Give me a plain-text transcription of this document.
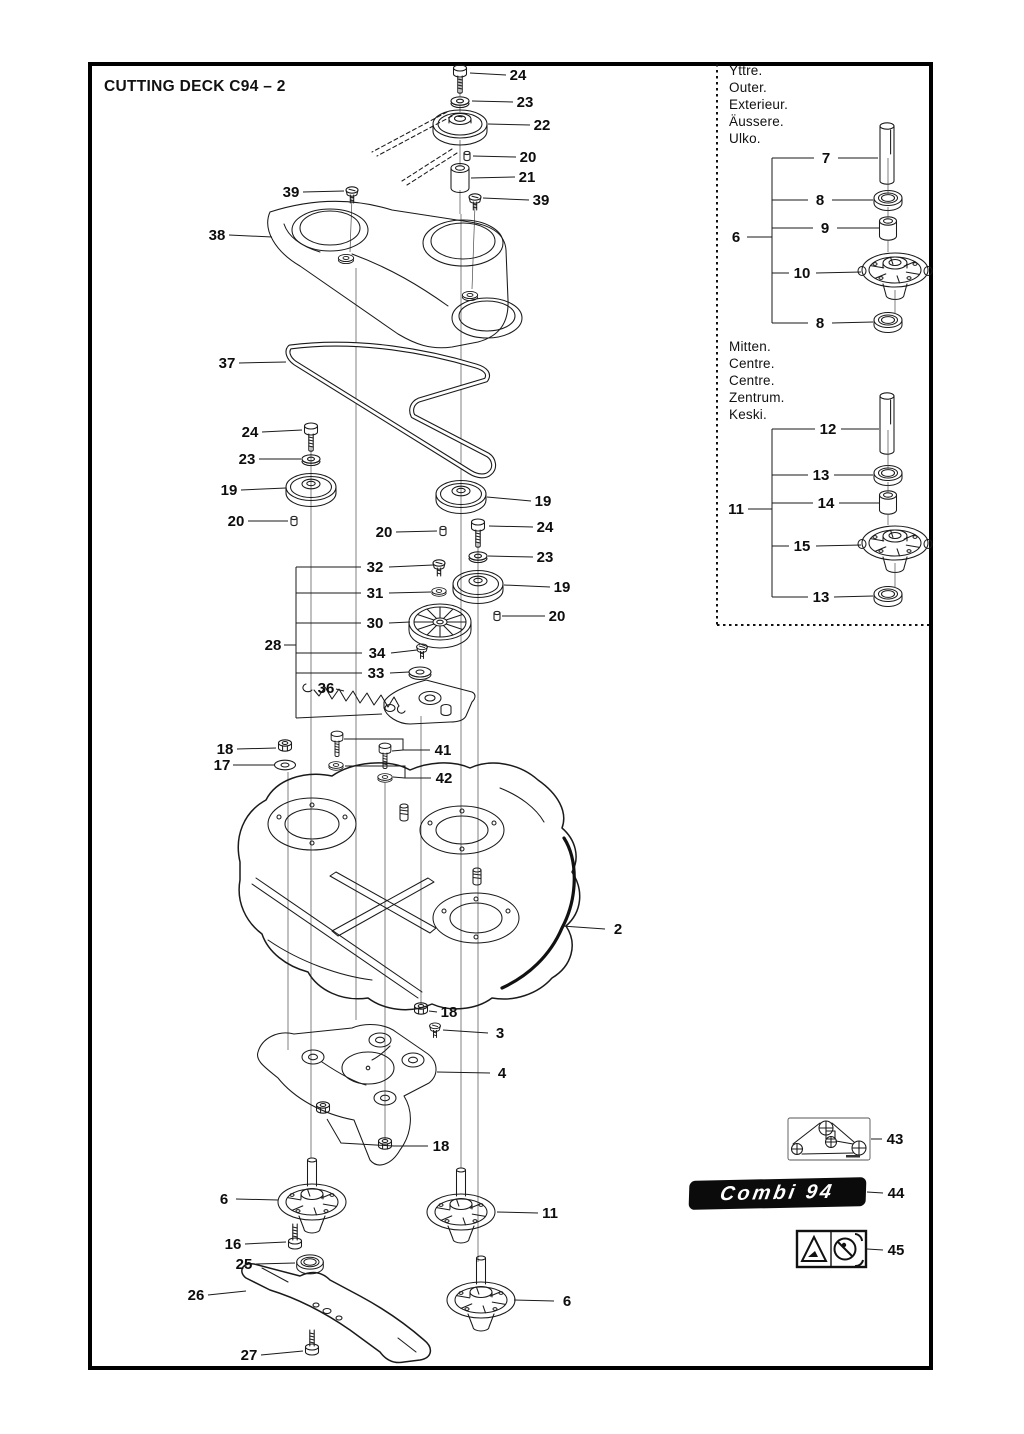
CUTTING DECK C94 – 2
Yttre.
Outer.
Exterieur.
Äussere.
Ulko.
Mitten.
Centre.
Centre.
Zentrum.
Keski.
Combi 94
24
23
22
20
21
39	39
38
37
24
23
19
20
19
20	24
23
19
20
32
31
30
28	34
33
36
18
17
41
42
2
18
3
4
18
6
11
16
25
26	6
27
43
44
45
7
8
9
6
10
8
12
13
14
11
15
13
